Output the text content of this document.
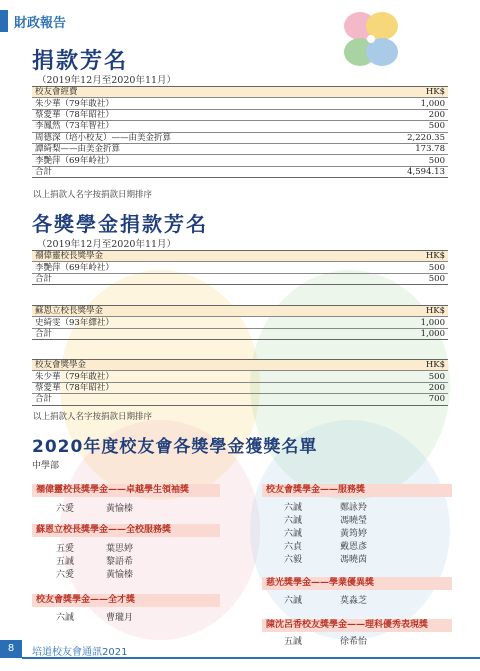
財政報告
捐款芳名
（2019年12月至2020年11月）
校友會經費	HK$
朱少華（79年敢社）	1,000
蔡愛華（78年昭社）	200
李鳳然（73年智社）	500
周德深（培小校友）——由美金折算	2,220.35
譚綺梨——由美金折算	173.78
李艷萍（69年岭社）	500
合計	4,594.13
以上捐款人名字按捐款日期排序
各獎學金捐款芳名
（2019年12月至2020年11月）
禤偉靈校長獎學金	HK$
李艷萍（69年岭社）	500
合計	500
蘇恩立校長獎學金	HK$
史綺雯（93年繹社）	1,000
合計	1,000
校友會獎學金	HK$
朱少華（79年敢社）	500
蔡愛華（78年昭社）	200
合計	700
以上捐款人名字按捐款日期排序
2020年度校友會各獎學金獲獎名單
中學部
禤偉靈校長獎學金——卓越學生領袖獎
六愛	黃愉榛
蘇恩立校長獎學金——全校服務獎
五愛	葉思婷
五誠	黎語希
六愛	黃愉榛
校友會獎學金——全才獎
六誠	曹瓏月
校友會獎學金——服務獎
六誠	鄭詠羚
六誠	馮曉瑩
六誠	黃筠婷
六貞	戴恩彥
六毅	馮曉茵
慈光獎學金——學業優異獎
六誠	莫淼芝
陳沈呂香校友獎學金——理科優秀表現獎
五誠	徐希怡
8	培道校友會通訊2021
